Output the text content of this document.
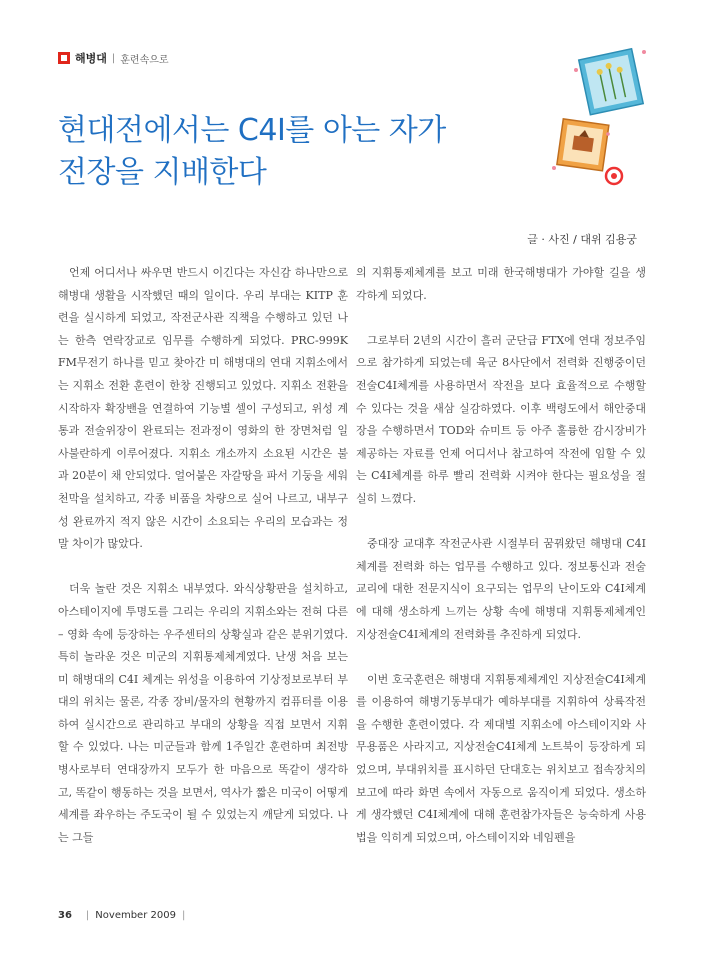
해병대 | 훈련속으로
현대전에서는 C4I를 아는 자가
전장을 지배한다
글 · 사진 / 대위 김용궁

언제 어디서나 싸우면 반드시 이긴다는 자신감 하나만으로 해병대 생활을 시작했던 때의 일이다. 우리 부대는 KITP 훈련을 실시하게 되었고, 작전군사관 직책을 수행하고 있던 나는 한측 연락장교로 임무를 수행하게 되었다. PRC-999K FM무전기 하나를 믿고 찾아간 미 해병대의 연대 지휘소에서는 지휘소 전환 훈련이 한창 진행되고 있었다. 지휘소 전환을 시작하자 확장밴을 연결하여 기능별 셀이 구성되고, 위성 계통과 전술위장이 완료되는 전과정이 영화의 한 장면처럼 일사불란하게 이루어졌다. 지휘소 개소까지 소요된 시간은 불과 20분이 채 안되었다. 얼어붙은 자갈땅을 파서 기둥을 세워 천막을 설치하고, 각종 비품을 차량으로 실어 나르고, 내부구성 완료까지 적지 않은 시간이 소요되는 우리의 모습과는 정말 차이가 많았다.

더욱 놀란 것은 지휘소 내부였다. 와식상황판을 설치하고, 아스테이지에 투명도를 그리는 우리의 지휘소와는 전혀 다른 – 영화 속에 등장하는 우주센터의 상황실과 같은 분위기였다. 특히 놀라운 것은 미군의 지휘통제체계였다. 난생 처음 보는 미 해병대의 C4I 체계는 위성을 이용하여 기상정보로부터 부대의 위치는 물론, 각종 장비/물자의 현황까지 컴퓨터를 이용하여 실시간으로 관리하고 부대의 상황을 직접 보면서 지휘할 수 있었다. 나는 미군들과 함께 1주일간 훈련하며 최전방 병사로부터 연대장까지 모두가 한 마음으로 똑같이 생각하고, 똑같이 행동하는 것을 보면서, 역사가 짧은 미국이 어떻게 세계를 좌우하는 주도국이 될 수 있었는지 깨닫게 되었다. 나는 그들

의 지휘통제체계를 보고 미래 한국해병대가 가야할 길을 생각하게 되었다.

그로부터 2년의 시간이 흘러 군단급 FTX에 연대 정보주임으로 참가하게 되었는데 육군 8사단에서 전력화 진행중이던 전술C4I체계를 사용하면서 작전을 보다 효율적으로 수행할 수 있다는 것을 새삼 실감하였다. 이후 백령도에서 해안중대장을 수행하면서 TOD와 슈미트 등 아주 훌륭한 감시장비가 제공하는 자료를 언제 어디서나 참고하여 작전에 임할 수 있는 C4I체계를 하루 빨리 전력화 시켜야 한다는 필요성을 절실히 느꼈다.

중대장 교대후 작전군사관 시절부터 꿈꿔왔던 해병대 C4I체계를 전력화 하는 업무를 수행하고 있다. 정보통신과 전술교리에 대한 전문지식이 요구되는 업무의 난이도와 C4I체계에 대해 생소하게 느끼는 상황 속에 해병대 지휘통제체계인 지상전술C4I체계의 전력화를 추진하게 되었다.

이번 호국훈련은 해병대 지휘통제체계인 지상전술C4I체계를 이용하여 해병기동부대가 예하부대를 지휘하여 상륙작전을 수행한 훈련이였다. 각 제대별 지휘소에 아스테이지와 사무용품은 사라지고, 지상전술C4I체계 노트북이 등장하게 되었으며, 부대위치를 표시하던 단대호는 위치보고 접속장치의 보고에 따라 화면 속에서 자동으로 움직이게 되었다. 생소하게 생각했던 C4I체계에 대해 훈련참가자들은 능숙하게 사용법을 익히게 되었으며, 아스테이지와 네임펜을

36 | November 2009 |
